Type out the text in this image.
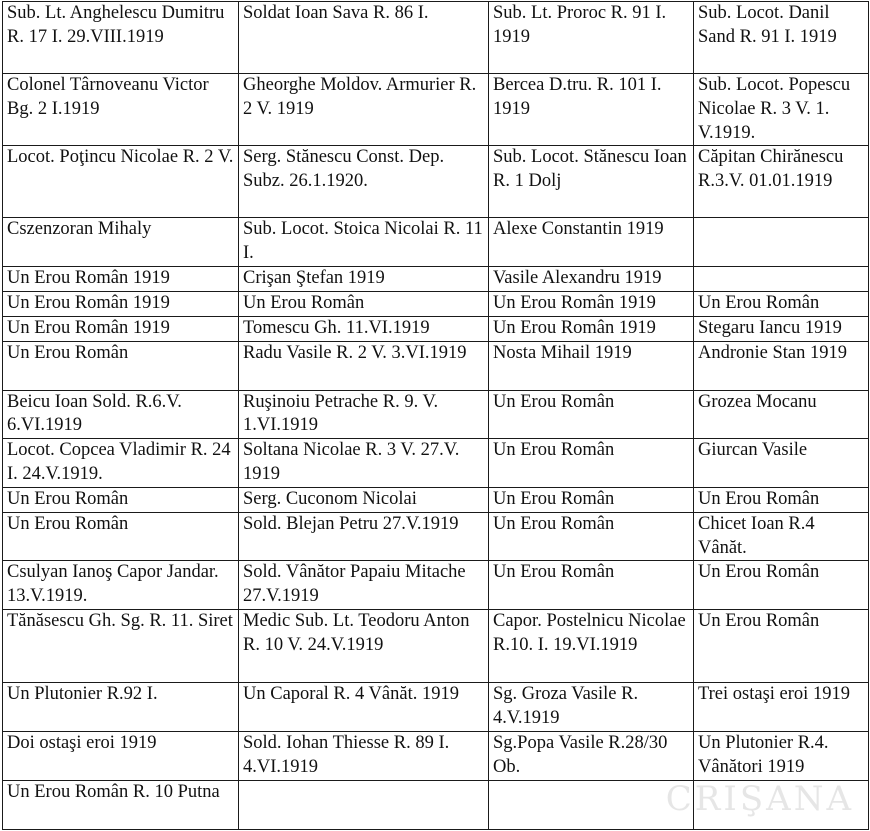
Sub. Lt. Anghelescu Dumitru R. 17 I. 29.VIII.1919	Soldat Ioan Sava R. 86 I.	Sub. Lt. Proroc R. 91 I. 1919	Sub. Locot. Danil Sand R. 91 I. 1919
Colonel Târnoveanu Victor Bg. 2 I.1919	Gheorghe Moldov. Armurier R. 2 V. 1919	Bercea D.tru. R. 101 I. 1919	Sub. Locot. Popescu Nicolae R. 3 V. 1. V.1919.
Locot. Poţincu Nicolae R. 2 V.	Serg. Stănescu Const. Dep. Subz. 26.1.1920.	Sub. Locot. Stănescu Ioan R. 1 Dolj	Căpitan Chirănescu R.3.V. 01.01.1919
Cszenzoran Mihaly	Sub. Locot. Stoica Nicolai R. 11 I.	Alexe Constantin 1919	
Un Erou Român 1919	Crişan Ştefan 1919	Vasile Alexandru 1919	
Un Erou Român 1919	Un Erou Român	Un Erou Român 1919	Un Erou Român
Un Erou Român 1919	Tomescu Gh. 11.VI.1919	Un Erou Român 1919	Stegaru Iancu 1919
Un Erou Român	Radu Vasile R. 2 V. 3.VI.1919	Nosta Mihail 1919	Andronie Stan 1919
Beicu Ioan Sold. R.6.V. 6.VI.1919	Ruşinoiu Petrache R. 9. V. 1.VI.1919	Un Erou Român	Grozea Mocanu
Locot. Copcea Vladimir R. 24 I. 24.V.1919.	Soltana Nicolae R. 3 V. 27.V. 1919	Un Erou Român	Giurcan Vasile
Un Erou Român	Serg. Cuconom Nicolai	Un Erou Român	Un Erou Român
Un Erou Român	Sold. Blejan Petru 27.V.1919	Un Erou Român	Chicet Ioan R.4 Vânăt.
Csulyan Ianoş Capor Jandar. 13.V.1919.	Sold. Vânător Papaiu Mitache 27.V.1919	Un Erou Român	Un Erou Român
Tănăsescu Gh. Sg. R. 11. Siret	Medic Sub. Lt. Teodoru Anton R. 10 V. 24.V.1919	Capor. Postelnicu Nicolae R.10. I. 19.VI.1919	Un Erou Român
Un Plutonier R.92 I.	Un Caporal R. 4 Vânăt. 1919	Sg. Groza Vasile R. 4.V.1919	Trei ostaşi eroi 1919
Doi ostaşi eroi 1919	Sold. Iohan Thiesse R. 89 I. 4.VI.1919	Sg.Popa Vasile R.28/30 Ob.	Un Plutonier R.4. Vânători 1919
Un Erou Român R. 10 Putna				CRIŞANA
